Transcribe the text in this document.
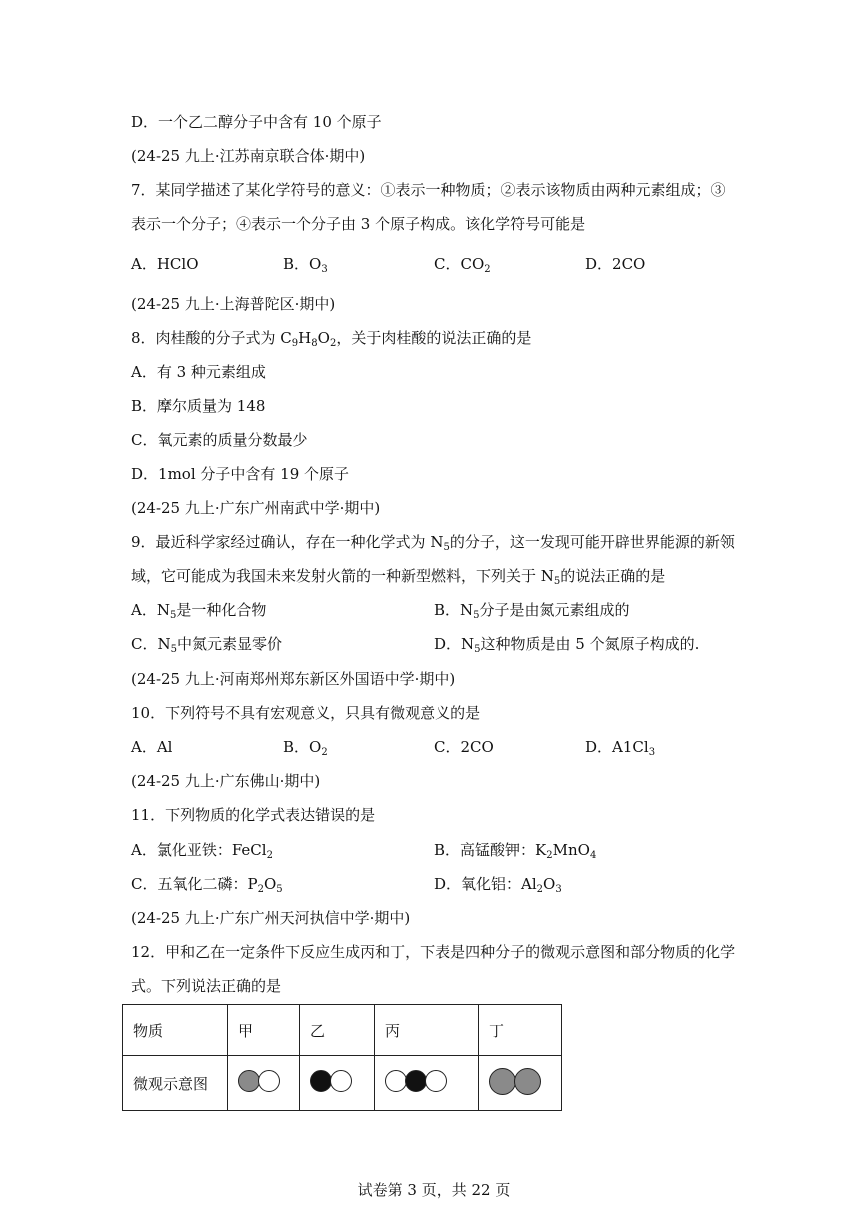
D．一个乙二醇分子中含有 10 个原子
(24-25 九上·江苏南京联合体·期中)
7．某同学描述了某化学符号的意义：①表示一种物质；②表示该物质由两种元素组成；③
表示一个分子；④表示一个分子由 3 个原子构成。该化学符号可能是
A．HClO	B．$O_3$	C．$CO_2$	D．2CO
(24-25 九上·上海普陀区·期中)
8．肉桂酸的分子式为 $C_9H_8O_2$，关于肉桂酸的说法正确的是
A．有 3 种元素组成
B．摩尔质量为 148
C．氧元素的质量分数最少
D．1mol 分子中含有 19 个原子
(24-25 九上·广东广州南武中学·期中)
9．最近科学家经过确认，存在一种化学式为 $N_5$的分子，这一发现可能开辟世界能源的新领
域，它可能成为我国未来发射火箭的一种新型燃料，下列关于 $N_5$的说法正确的是
A．$N_5$是一种化合物	B．$N_5$分子是由氮元素组成的
C．$N_5$中氮元素显零价	D．$N_5$这种物质是由 5 个氮原子构成的.
(24-25 九上·河南郑州郑东新区外国语中学·期中)
10．下列符号不具有宏观意义，只具有微观意义的是
A．Al	B．$O_2$	C．2CO	D．$A1Cl_3$
(24-25 九上·广东佛山·期中)
11．下列物质的化学式表达错误的是
A．氯化亚铁：FeCl$_2$	B．高锰酸钾：$K_2MnO_4$
C．五氧化二磷：$P_2O_5$	D．氧化铝：$Al_2O_3$
(24-25 九上·广东广州天河执信中学·期中)
12．甲和乙在一定条件下反应生成丙和丁，下表是四种分子的微观示意图和部分物质的化学
式。下列说法正确的是
物质	甲	乙	丙	丁
微观示意图	

试卷第 3 页，共 22 页
